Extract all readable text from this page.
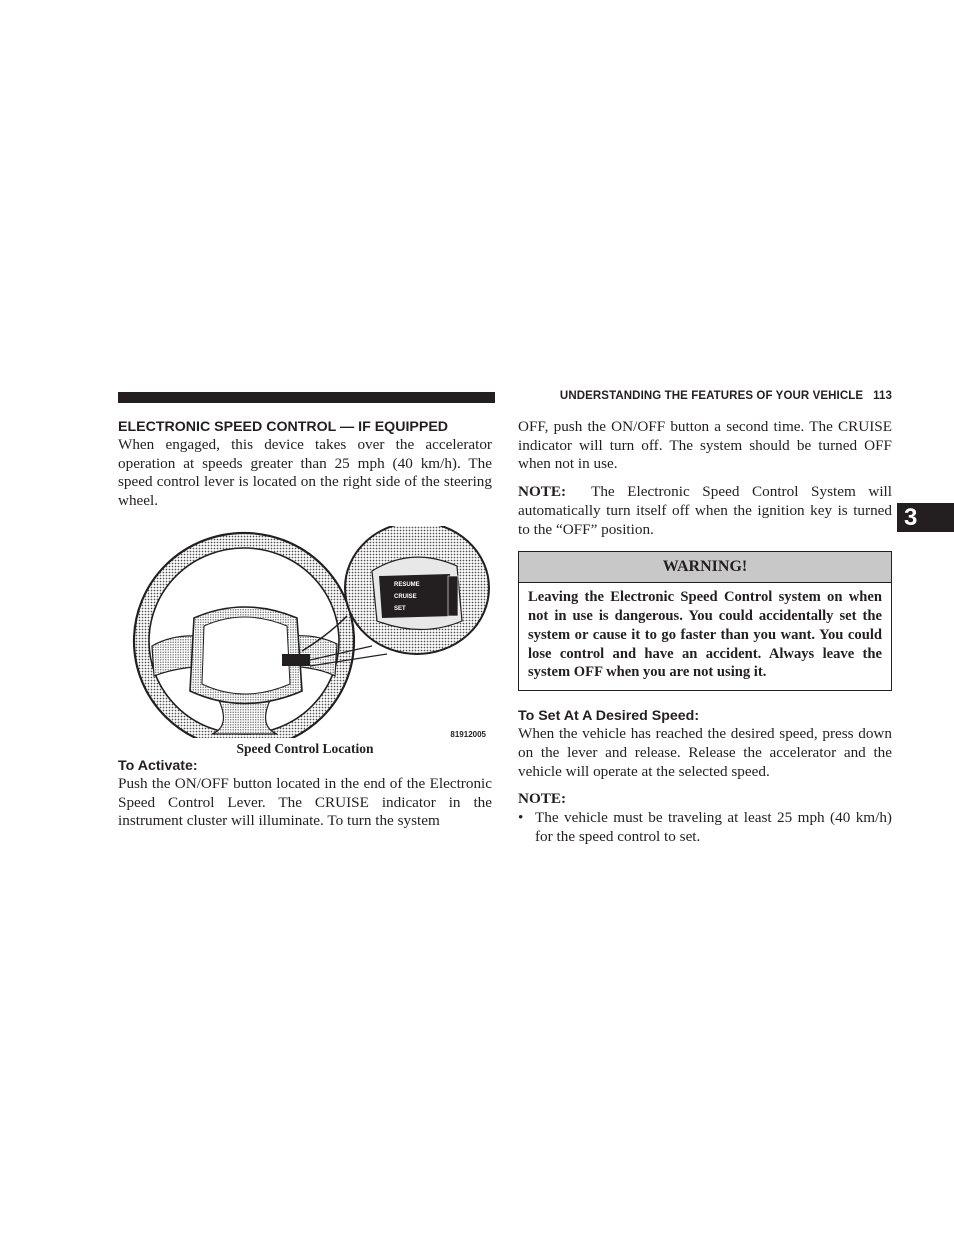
UNDERSTANDING THE FEATURES OF YOUR VEHICLE 113
3
ELECTRONIC SPEED CONTROL — IF EQUIPPED

When engaged, this device takes over the accelerator operation at speeds greater than 25 mph (40 km/h). The speed control lever is located on the right side of the steering wheel.

RESUME
CRUISE
SET
81912005
Speed Control Location
To Activate:

Push the ON/OFF button located in the end of the Electronic Speed Control Lever. The CRUISE indicator in the instrument cluster will illuminate. To turn the system

OFF, push the ON/OFF button a second time. The CRUISE indicator will turn off. The system should be turned OFF when not in use.

NOTE: The Electronic Speed Control System will automatically turn itself off when the ignition key is turned to the “OFF” position.

WARNING!
Leaving the Electronic Speed Control system on when not in use is dangerous. You could accidentally set the system or cause it to go faster than you want. You could lose control and have an accident. Always leave the system OFF when you are not using it.
To Set At A Desired Speed:

When the vehicle has reached the desired speed, press down on the lever and release. Release the accelerator and the vehicle will operate at the selected speed.

NOTE:

• The vehicle must be traveling at least 25 mph (40 km/h) for the speed control to set.
